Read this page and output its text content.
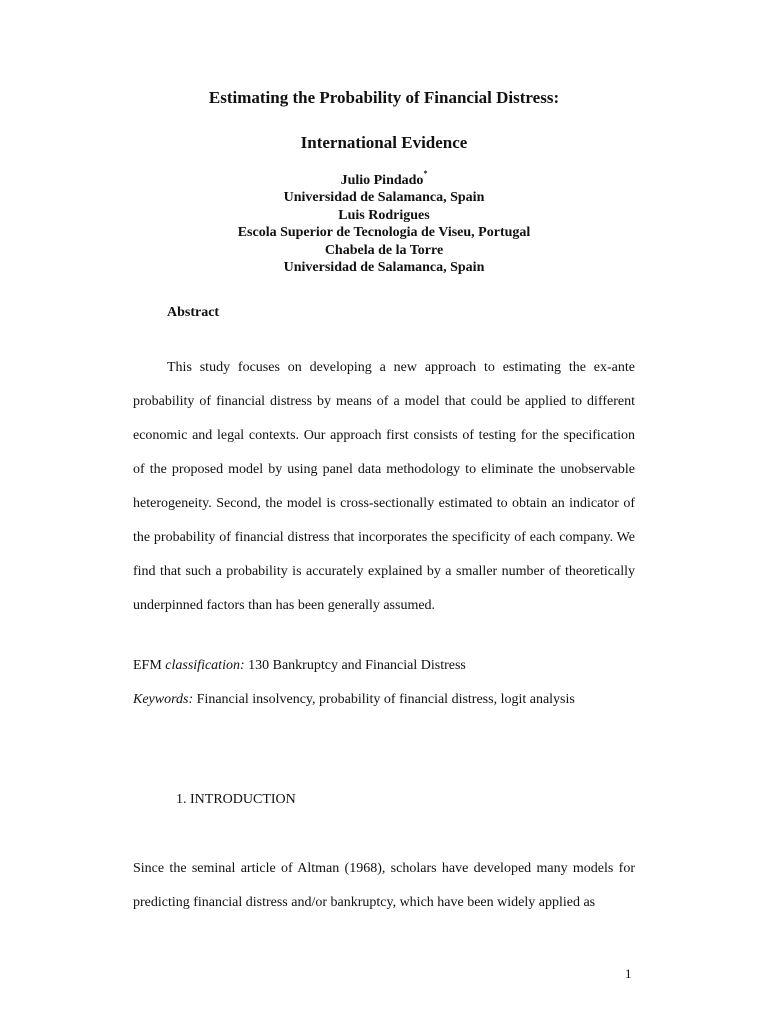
Estimating the Probability of Financial Distress:
International Evidence
Julio Pindado*
Universidad de Salamanca, Spain
Luis Rodrigues
Escola Superior de Tecnologia de Viseu, Portugal
Chabela de la Torre
Universidad de Salamanca, Spain
Abstract
This study focuses on developing a new approach to estimating the ex-ante probability of financial distress by means of a model that could be applied to different economic and legal contexts. Our approach first consists of testing for the specification of the proposed model by using panel data methodology to eliminate the unobservable heterogeneity. Second, the model is cross-sectionally estimated to obtain an indicator of the probability of financial distress that incorporates the specificity of each company. We find that such a probability is accurately explained by a smaller number of theoretically underpinned factors than has been generally assumed.
EFM classification: 130 Bankruptcy and Financial Distress
Keywords: Financial insolvency, probability of financial distress, logit analysis
1. INTRODUCTION
Since the seminal article of Altman (1968), scholars have developed many models for predicting financial distress and/or bankruptcy, which have been widely applied as
1
